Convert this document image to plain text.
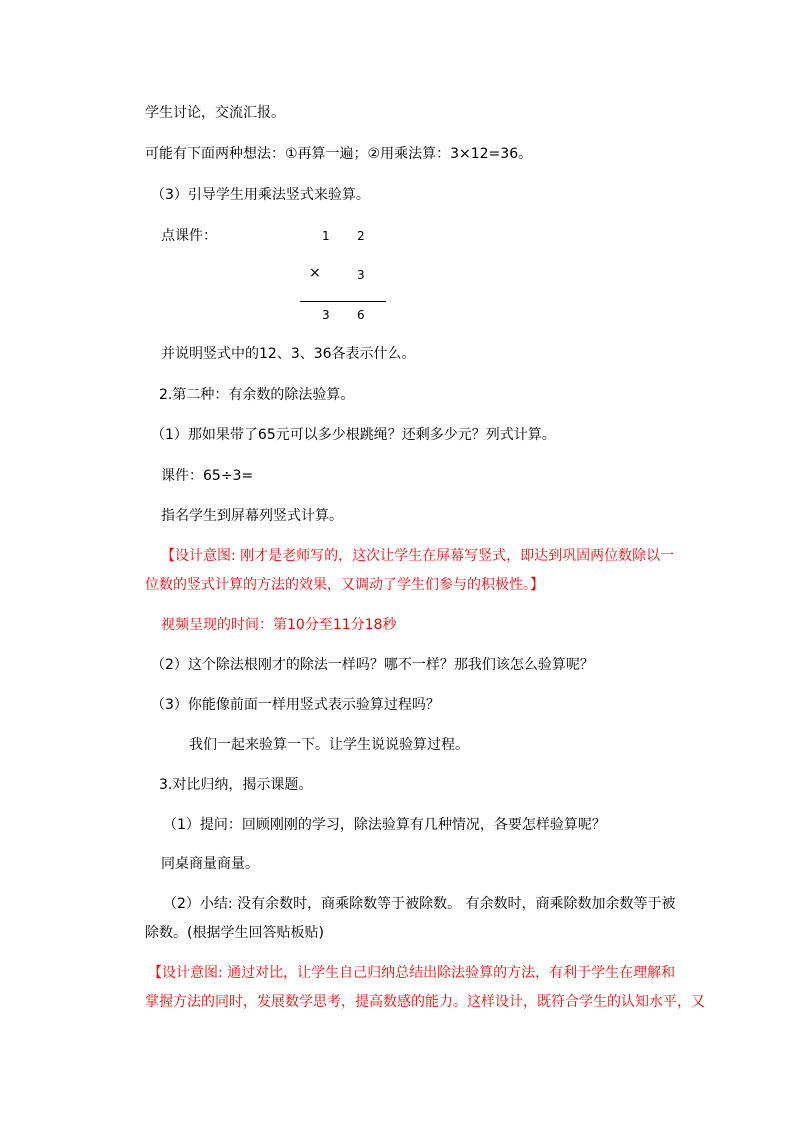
学生讨论，交流汇报。
可能有下面两种想法：①再算一遍；②用乘法算：3×12=36。
（3）引导学生用乘法竖式来验算。
点课件：	1 2
×	3
3 6
并说明竖式中的12、3、36各表示什么。
2.第二种：有余数的除法验算。
（1）那如果带了65元可以多少根跳绳？还剩多少元？列式计算。
课件：65÷3=
指名学生到屏幕列竖式计算。
【设计意图: 刚才是老师写的，这次让学生在屏幕写竖式，即达到巩固两位数除以一
位数的竖式计算的方法的效果，又调动了学生们参与的积极性。】
视频呈现的时间：第10分至11分18秒
（2）这个除法根刚才的除法一样吗？哪不一样？那我们该怎么验算呢？
（3）你能像前面一样用竖式表示验算过程吗？
我们一起来验算一下。让学生说说验算过程。
3.对比归纳，揭示课题。
（1）提问：回顾刚刚的学习，除法验算有几种情况，各要怎样验算呢？
同桌商量商量。
（2）小结: 没有余数时，商乘除数等于被除数。 有余数时，商乘除数加余数等于被
除数。(根据学生回答贴板贴)
【设计意图: 通过对比，让学生自己归纳总结出除法验算的方法，有利于学生在理解和
掌握方法的同时，发展数学思考，提高数感的能力。这样设计，既符合学生的认知水平，又
